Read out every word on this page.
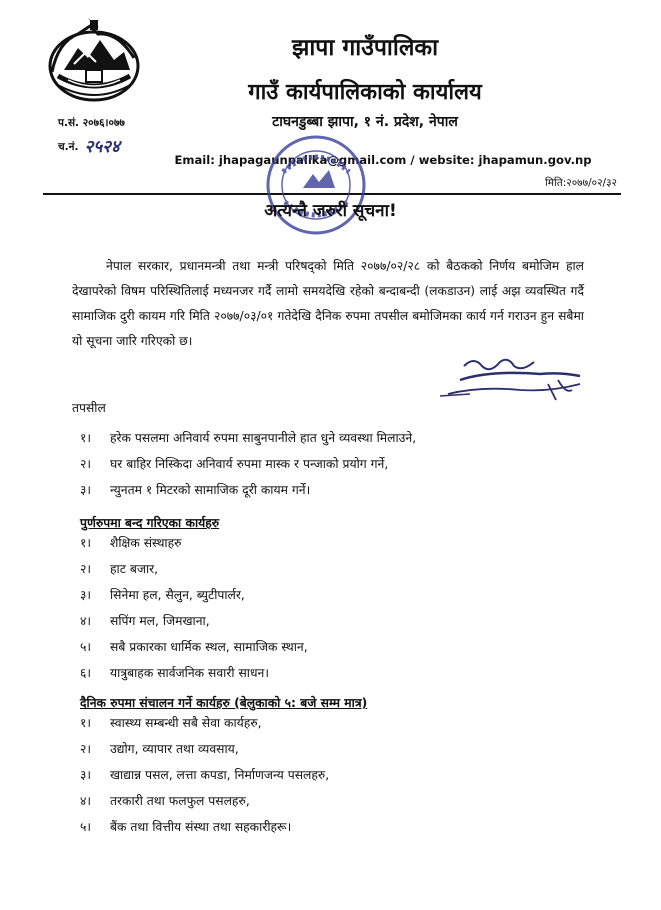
झापा गाउँपालिका
गाउँ कार्यपालिकाको कार्यालय
टाघनडुब्बा झापा, १ नं. प्रदेश, नेपाल
प.सं. २०७६।०७७
च.नं. २५२४
Email: jhapagaunpalika@gmail.com / website: jhapamun.gov.np
मिति:२०७७/०२/३२
अत्यन्तै जरुरी सूचना!

नेपाल सरकार, प्रधानमन्त्री तथा मन्त्री परिषद्को मिति २०७७/०२/२८ को बैठकको निर्णय बमोजिम हाल देखापरेको विषम परिस्थितिलाई मध्यनजर गर्दै लामो समयदेखि रहेको बन्दाबन्दी (लकडाउन) लाई अझ व्यवस्थित गर्दै सामाजिक दुरी कायम गरि मिति २०७७/०३/०१ गतेदेखि दैनिक रुपमा तपसील बमोजिमका कार्य गर्न गराउन हुन सबैमा यो सूचना जारि गरिएको छ।

तपसील
१। हरेक पसलमा अनिवार्य रुपमा साबुनपानीले हात धुने व्यवस्था मिलाउने,
२। घर बाहिर निस्किदा अनिवार्य रुपमा मास्क र पन्जाको प्रयोग गर्ने,
३। न्युनतम १ मिटरको सामाजिक दूरी कायम गर्ने।
पुर्णरुपमा बन्द गरिएका कार्यहरु
१। शैक्षिक संस्थाहरु
२। हाट बजार,
३। सिनेमा हल, सैलुन, ब्युटीपार्लर,
४। सपिंग मल, जिमखाना,
५। सबै प्रकारका धार्मिक स्थल, सामाजिक स्थान,
६। यात्रुबाहक सार्वजनिक सवारी साधन।
दैनिक रुपमा संचालन गर्ने कार्यहरु (बेलुकाको ५: बजे सम्म मात्र)
१। स्वास्थ्य सम्बन्धी सबै सेवा कार्यहरु,
२। उद्योग, व्यापार तथा व्यवसाय,
३। खाद्यान्न पसल, लत्ता कपडा, निर्माणजन्य पसलहरु,
४। तरकारी तथा फलफुल पसलहरु,
५। बैंक तथा वित्तीय संस्था तथा सहकारीहरू।
